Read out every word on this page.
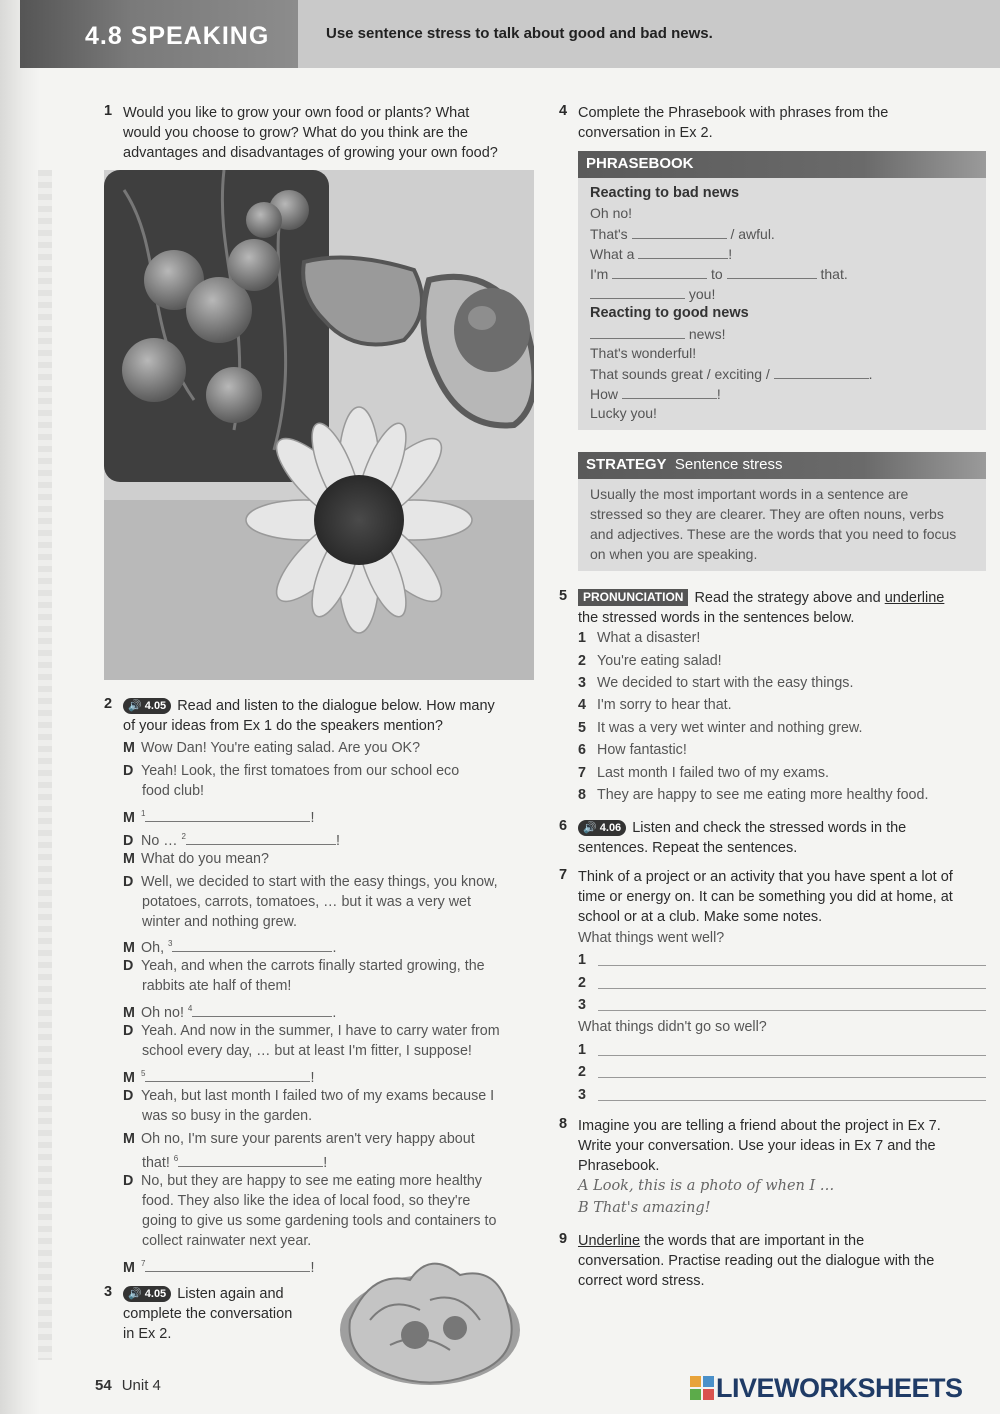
4.8 SPEAKING	Use sentence stress to talk about good and bad news.
1 Would you like to grow your own food or plants? What
would you choose to grow? What do you think are the
advantages and disadvantages of growing your own food?
2	🔊 4.05 Read and listen to the dialogue below. How many
of your ideas from Ex 1 do the speakers mention?
M Wow Dan! You're eating salad. Are you OK?
D Yeah! Look, the first tomatoes from our school eco
food club!
M $^1$	!
D No … $^2$	!
M What do you mean?
D Well, we decided to start with the easy things, you know,
potatoes, carrots, tomatoes, … but it was a very wet
winter and nothing grew.
M Oh, $^3$	.
D Yeah, and when the carrots finally started growing, the
rabbits ate half of them!
M Oh no! $^4$	.
D Yeah. And now in the summer, I have to carry water from
school every day, … but at least I'm fitter, I suppose!
M $^5$	!
D Yeah, but last month I failed two of my exams because I
was so busy in the garden.
M Oh no, I'm sure your parents aren't very happy about
that! $^6$	!
D No, but they are happy to see me eating more healthy
food. They also like the idea of local food, so they're
going to give us some gardening tools and containers to
collect rainwater next year.
M $^7$	!
3	🔊 4.05 Listen again and
complete the conversation
in Ex 2.
54 Unit 4
4 Complete the Phrasebook with phrases from the
conversation in Ex 2.
PHRASEBOOK
Reacting to bad news
Oh no!
That's	/ awful.
What a	!
I'm	to	that.
you!
Reacting to good news
news!
That's wonderful!
That sounds great / exciting /	.
How	!
Lucky you!
STRATEGY Sentence stress
Usually the most important words in a sentence are
stressed so they are clearer. They are often nouns, verbs
and adjectives. These are the words that you need to focus
on when you are speaking.
5	PRONUNCIATION Read the strategy above and underline
the stressed words in the sentences below.
1 What a disaster!
2 You're eating salad!
3 We decided to start with the easy things.
4 I'm sorry to hear that.
5 It was a very wet winter and nothing grew.
6 How fantastic!
7 Last month I failed two of my exams.
8 They are happy to see me eating more healthy food.
6	🔊 4.06 Listen and check the stressed words in the
sentences. Repeat the sentences.
7 Think of a project or an activity that you have spent a lot of
time or energy on. It can be something you did at home, at
school or at a club. Make some notes.
What things went well?
1
2
3
What things didn't go so well?
1
2
3
8 Imagine you are telling a friend about the project in Ex 7.
Write your conversation. Use your ideas in Ex 7 and the
Phrasebook.
A Look, this is a photo of when I …
B That's amazing!
9 Underline the words that are important in the
conversation. Practise reading out the dialogue with the
correct word stress.
LIVEWORKSHEETS
